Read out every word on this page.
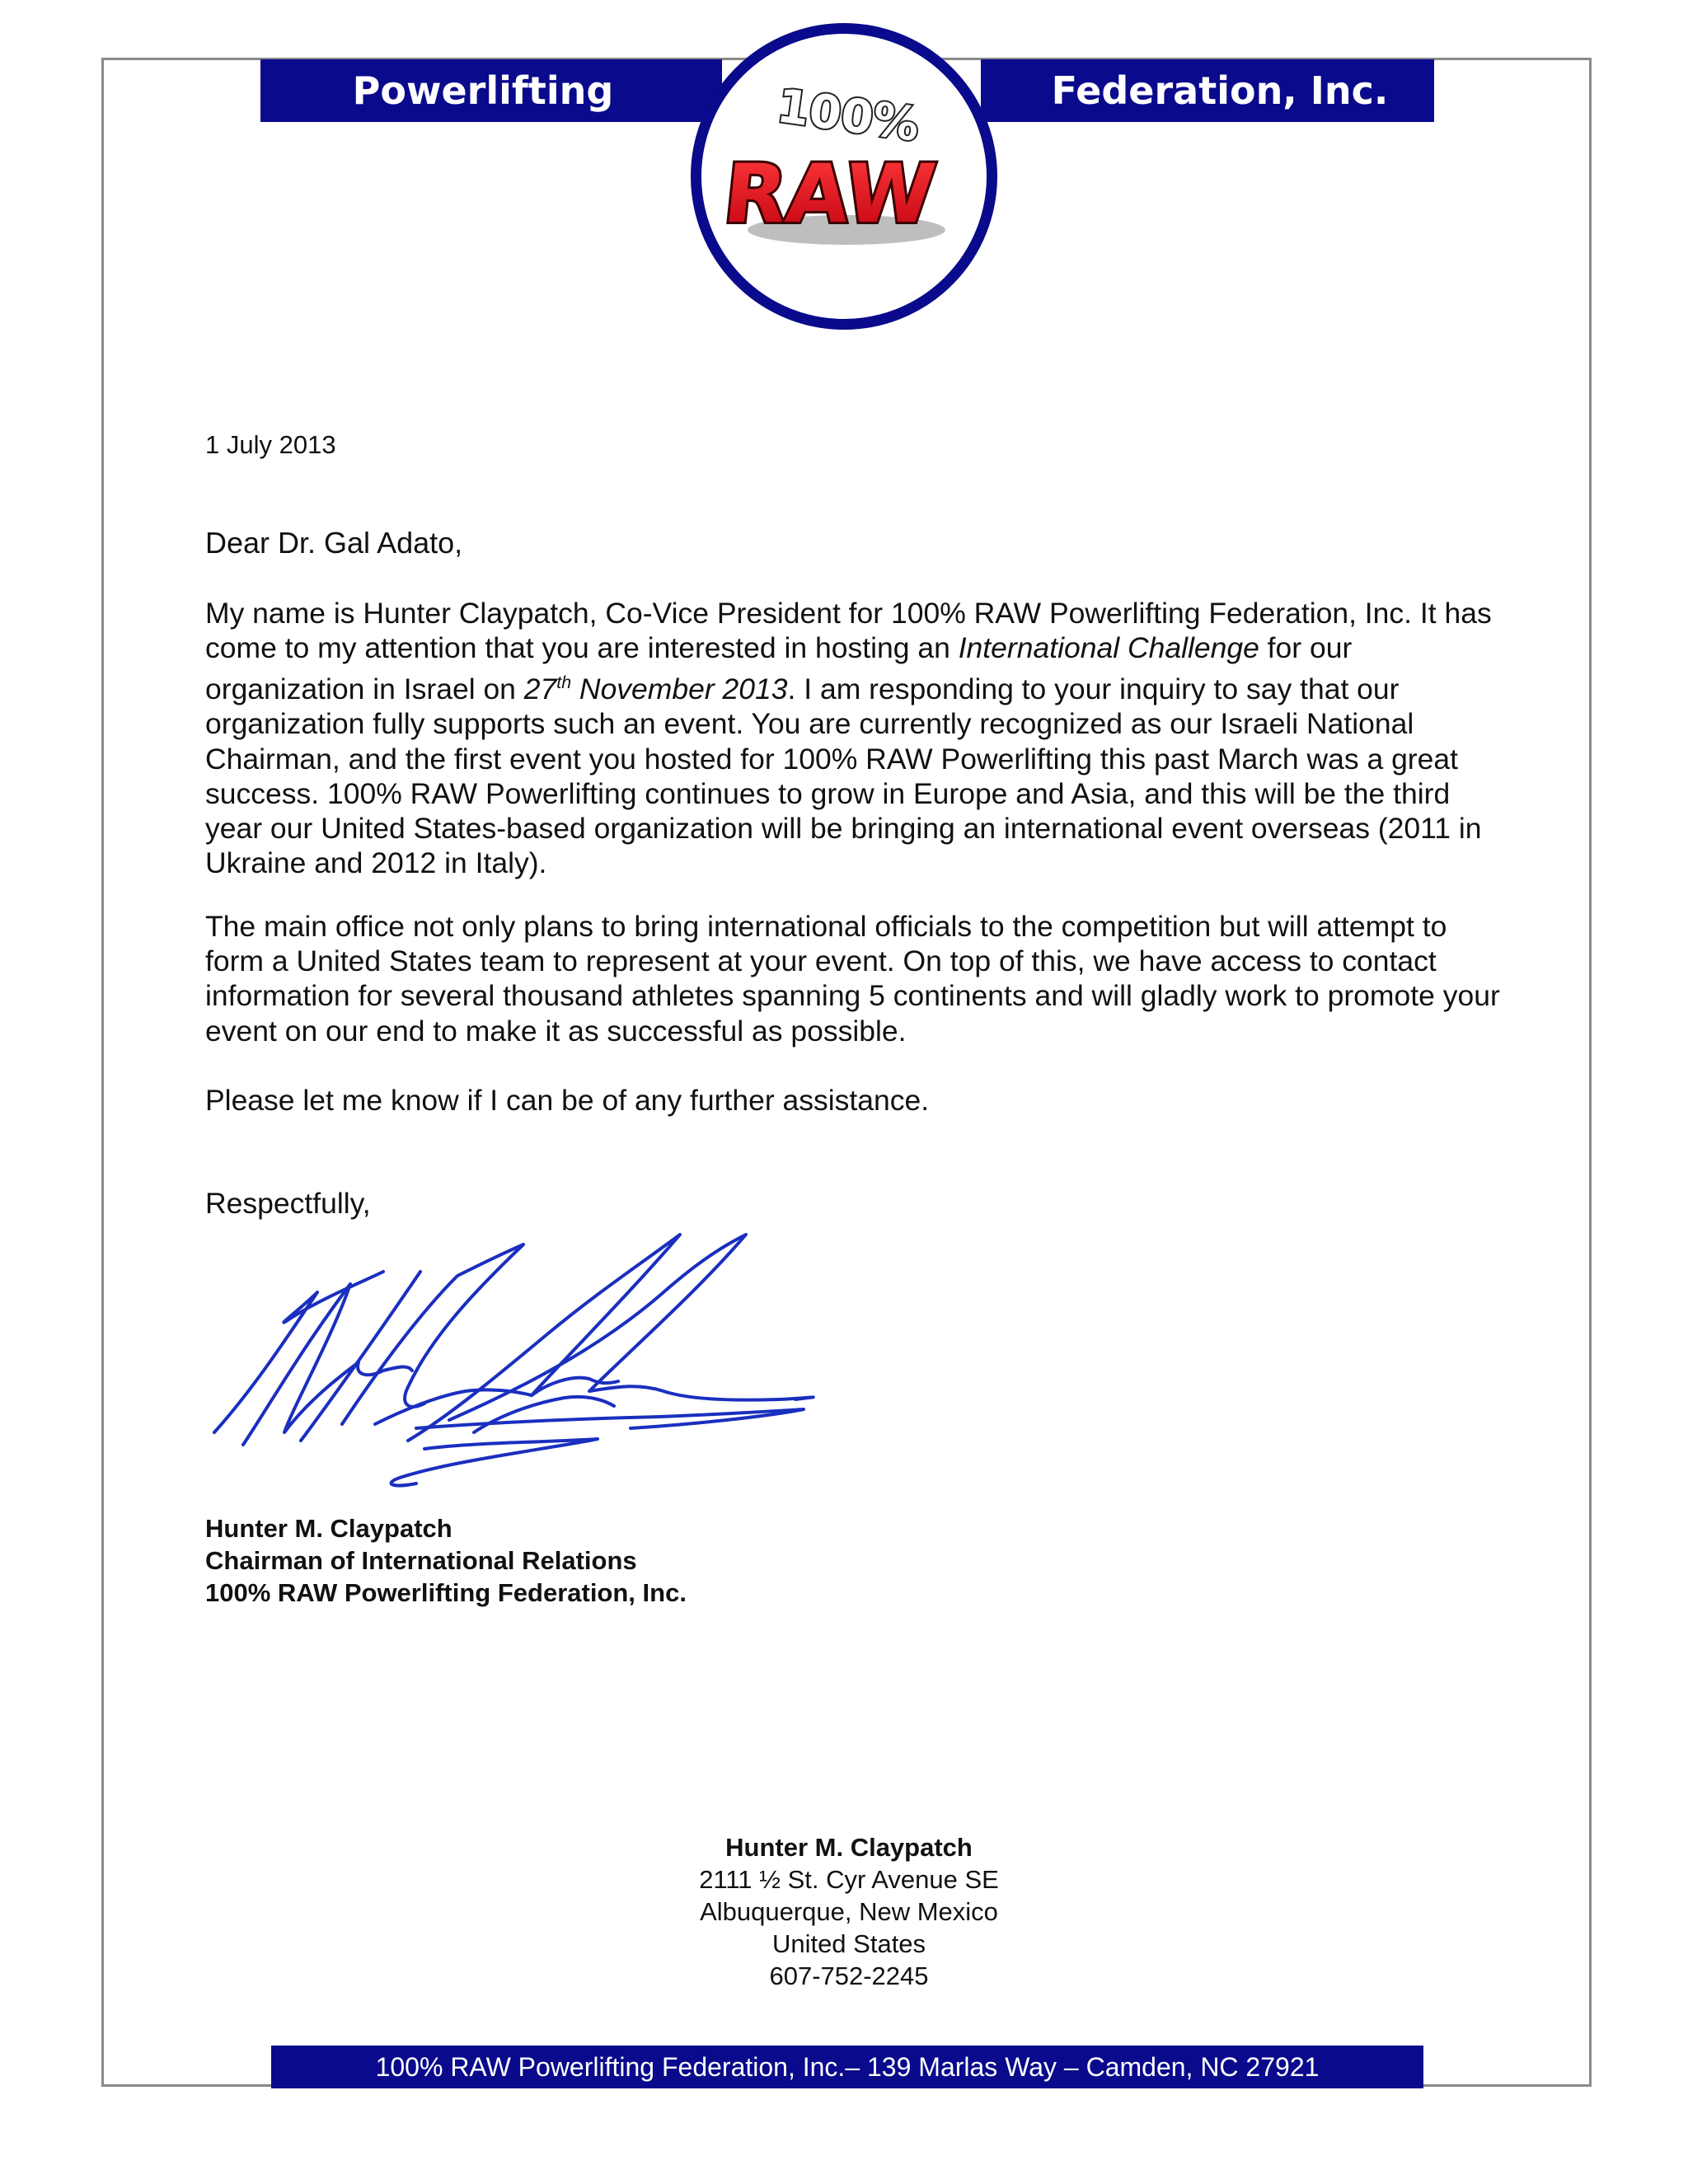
Powerlifting	Federation, Inc.
100%
RAW
1 July 2013
Dear Dr. Gal Adato,

My name is Hunter Claypatch, Co-Vice President for 100% RAW Powerlifting Federation, Inc. It has come to my attention that you are interested in hosting an International Challenge for our organization in Israel on 27th November 2013. I am responding to your inquiry to say that our organization fully supports such an event. You are currently recognized as our Israeli National Chairman, and the first event you hosted for 100% RAW Powerlifting this past March was a great success. 100% RAW Powerlifting continues to grow in Europe and Asia, and this will be the third year our United States-based organization will be bringing an international event overseas (2011 in Ukraine and 2012 in Italy).

The main office not only plans to bring international officials to the competition but will attempt to form a United States team to represent at your event. On top of this, we have access to contact information for several thousand athletes spanning 5 continents and will gladly work to promote your event on our end to make it as successful as possible.

Please let me know if I can be of any further assistance.

Respectfully,
Hunter M. Claypatch
Chairman of International Relations
100% RAW Powerlifting Federation, Inc.
Hunter M. Claypatch
2111 ½ St. Cyr Avenue SE
Albuquerque, New Mexico
United States
607-752-2245
100% RAW Powerlifting Federation, Inc.– 139 Marlas Way – Camden, NC 27921
